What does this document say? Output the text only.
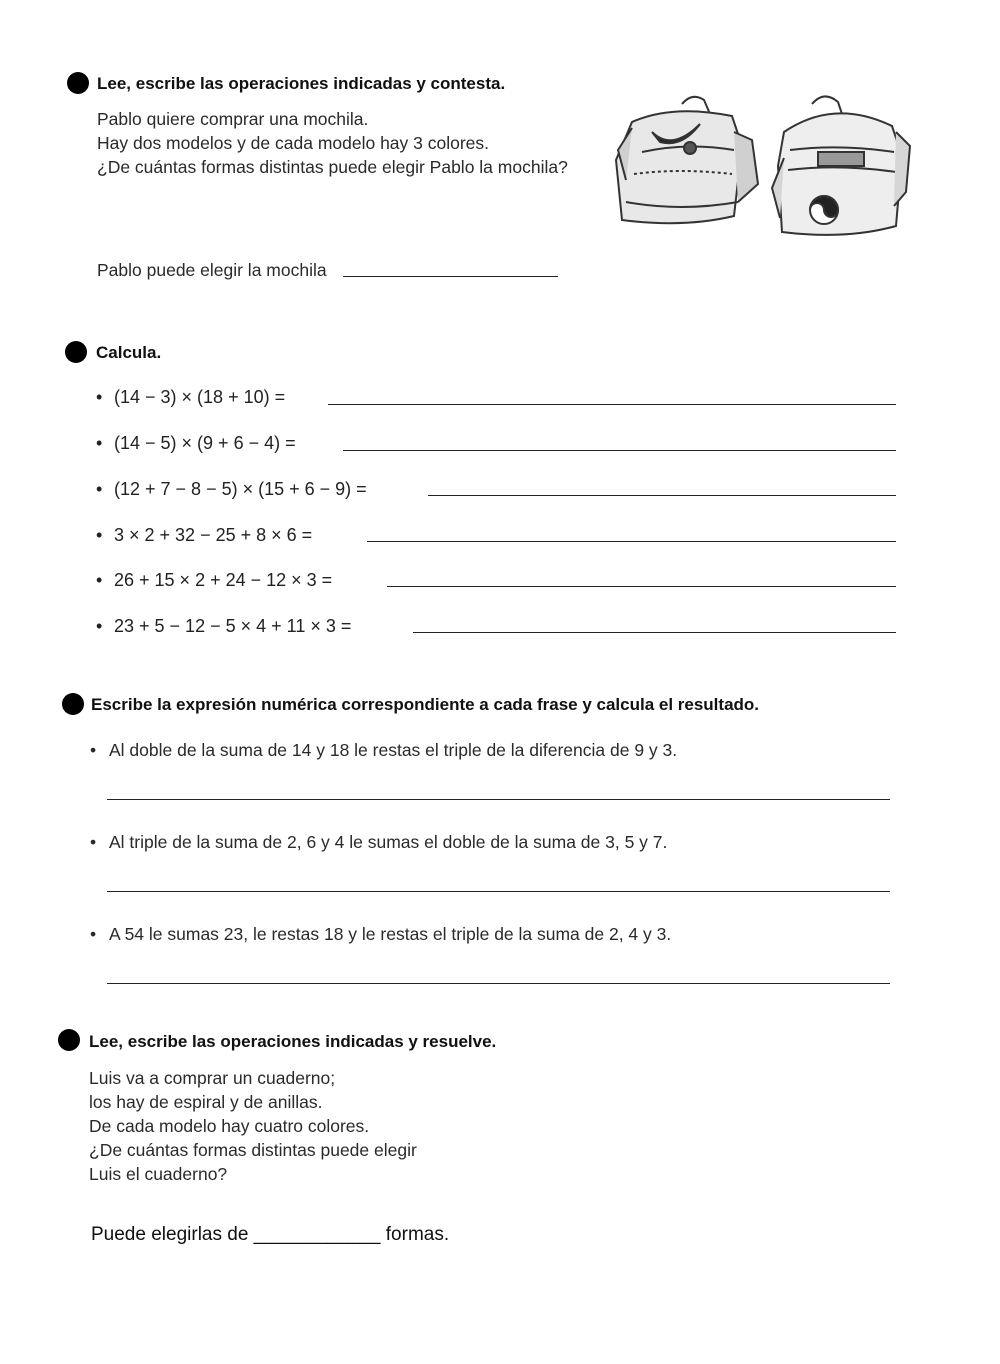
Lee, escribe las operaciones indicadas y contesta.
Pablo quiere comprar una mochila.
Hay dos modelos y de cada modelo hay 3 colores.
¿De cuántas formas distintas puede elegir Pablo la mochila?
Pablo puede elegir la mochila
Calcula.
• (14 − 3) × (18 + 10) =
• (14 − 5) × (9 + 6 − 4) =
• (12 + 7 − 8 − 5) × (15 + 6 − 9) =
• 3 × 2 + 32 − 25 + 8 × 6 =
• 26 + 15 × 2 + 24 − 12 × 3 =
• 23 + 5 − 12 − 5 × 4 + 11 × 3 =
Escribe la expresión numérica correspondiente a cada frase y calcula el resultado.
• Al doble de la suma de 14 y 18 le restas el triple de la diferencia de 9 y 3.
• Al triple de la suma de 2, 6 y 4 le sumas el doble de la suma de 3, 5 y 7.
• A 54 le sumas 23, le restas 18 y le restas el triple de la suma de 2, 4 y 3.
Lee, escribe las operaciones indicadas y resuelve.
Luis va a comprar un cuaderno;
los hay de espiral y de anillas.
De cada modelo hay cuatro colores.
¿De cuántas formas distintas puede elegir
Luis el cuaderno?
Puede elegirlas de ____________ formas.
